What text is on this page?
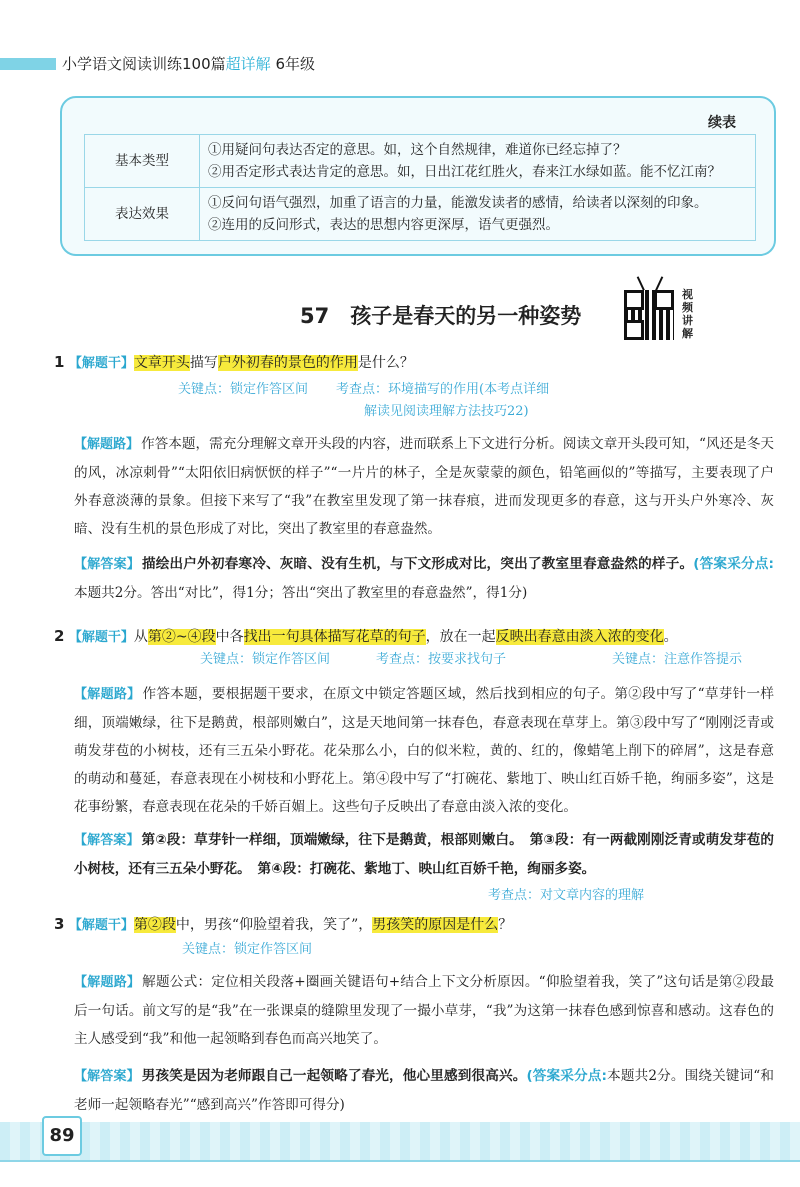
小学语文阅读训练100篇超详解 6年级
续表
基本类型	①用疑问句表达否定的意思。如，这个自然规律，难道你已经忘掉了？
②用否定形式表达肯定的意思。如，日出江花红胜火，春来江水绿如蓝。能不忆江南？

表达效果	①反问句语气强烈，加重了语言的力量，能激发读者的感情，给读者以深刻的印象。
②连用的反问形式，表达的思想内容更深厚，语气更强烈。
57　 孩子是春天的另一种姿势
视频讲解
1 【解题干】文章开头描写户外初春的景色的作用是什么？
关键点：锁定作答区间 考查点：环境描写的作用(本考点详细
解读见阅读理解方法技巧22)
【解题路】 作答本题，需充分理解文章开头段的内容，进而联系上下文进行分析。阅读文章开头段可知，“风还是冬天的风，冰凉刺骨”“太阳依旧病恹恹的样子”“一片片的林子，全是灰蒙蒙的颜色，铅笔画似的”等描写，主要表现了户外春意淡薄的景象。但接下来写了“我”在教室里发现了第一抹春痕，进而发现更多的春意，这与开头户外寒冷、灰暗、没有生机的景色形成了对比，突出了教室里的春意盎然。
【解答案】 描绘出户外初春寒冷、灰暗、没有生机，与下文形成对比，突出了教室里春意盎然的样子。(答案采分点:本题共2分。答出“对比”，得1分；答出“突出了教室里的春意盎然”，得1分)
2 【解题干】从第②~④段中各找出一句具体描写花草的句子，放在一起反映出春意由淡入浓的变化。
关键点：锁定作答区间	考查点：按要求找句子	关键点：注意作答提示
【解题路】 作答本题，要根据题干要求，在原文中锁定答题区域，然后找到相应的句子。第②段中写了“草芽针一样细，顶端嫩绿，往下是鹅黄，根部则嫩白”，这是天地间第一抹春色，春意表现在草芽上。第③段中写了“刚刚泛青或萌发芽苞的小树枝，还有三五朵小野花。花朵那么小，白的似米粒，黄的、红的，像蜡笔上削下的碎屑”，这是春意的萌动和蔓延，春意表现在小树枝和小野花上。第④段中写了“打碗花、紫地丁、映山红百娇千艳，绚丽多姿”，这是花事纷繁，春意表现在花朵的千娇百媚上。这些句子反映出了春意由淡入浓的变化。
【解答案】 第②段：草芽针一样细，顶端嫩绿，往下是鹅黄，根部则嫩白。　第③段：有一两截刚刚泛青或萌发芽苞的小树枝，还有三五朵小野花。　第④段：打碗花、紫地丁、映山红百娇千艳，绚丽多姿。
考查点：对文章内容的理解
3 【解题干】第②段中，男孩“仰脸望着我，笑了”，男孩笑的原因是什么？
关键点：锁定作答区间
【解题路】 解题公式：定位相关段落+圈画关键语句+结合上下文分析原因。“仰脸望着我，笑了”这句话是第②段最后一句话。前文写的是“我”在一张课桌的缝隙里发现了一撮小草芽，“我”为这第一抹春色感到惊喜和感动。这春色的主人感受到“我”和他一起领略到春色而高兴地笑了。
【解答案】 男孩笑是因为老师跟自己一起领略了春光，他心里感到很高兴。(答案采分点:本题共2分。围绕关键词“和老师一起领略春光”“感到高兴”作答即可得分)
89
